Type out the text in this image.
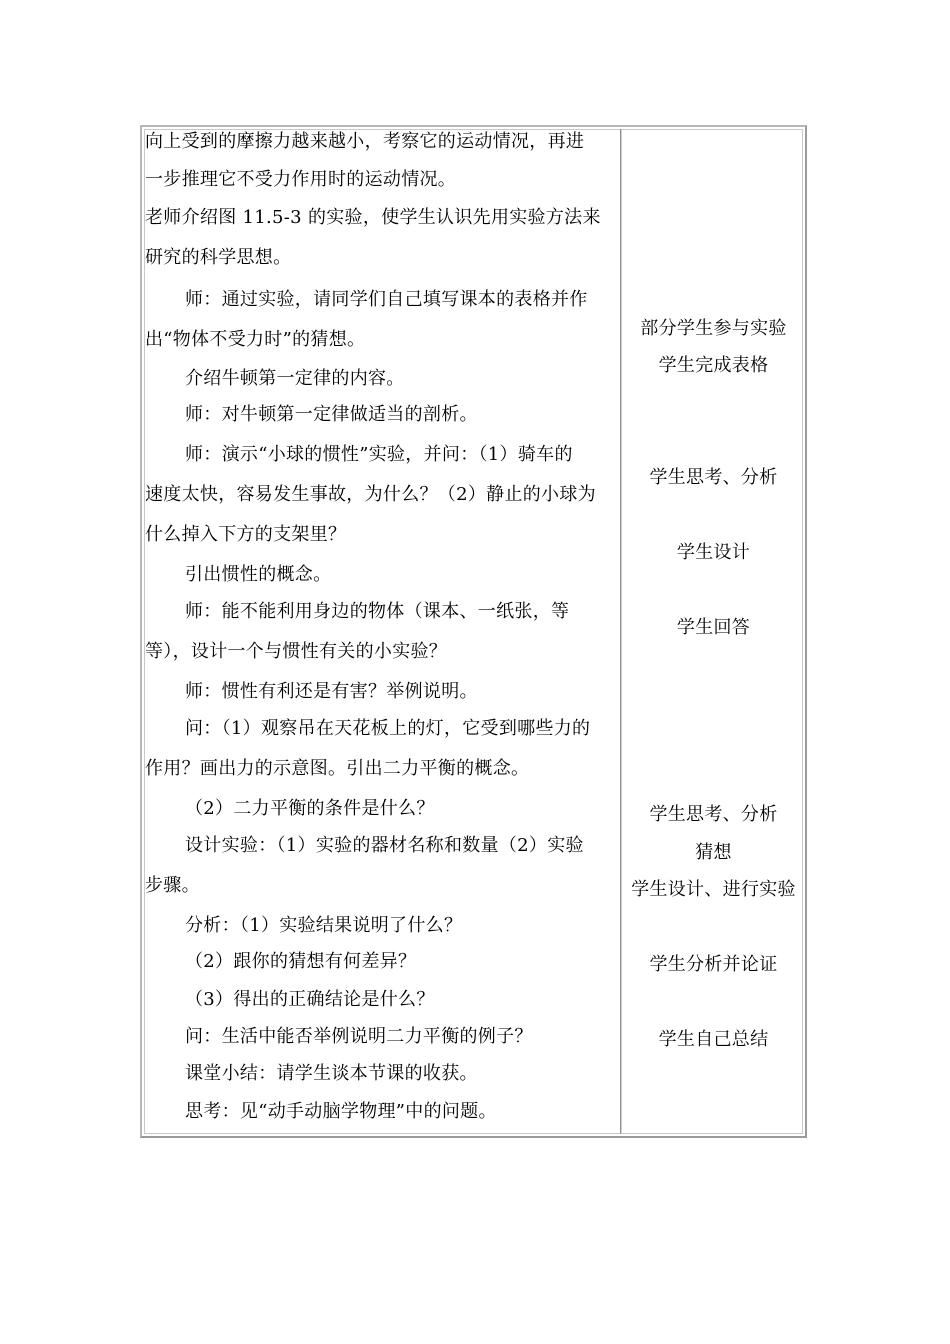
向上受到的摩擦力越来越小，考察它的运动情况，再进
一步推理它不受力作用时的运动情况。
老师介绍图 11.5-3 的实验，使学生认识先用实验方法来
研究的科学思想。
师：通过实验，请同学们自己填写课本的表格并作
出“物体不受力时”的猜想。
介绍牛顿第一定律的内容。
师：对牛顿第一定律做适当的剖析。
师：演示“小球的惯性”实验，并问：（1）骑车的
速度太快，容易发生事故，为什么？（2）静止的小球为
什么掉入下方的支架里？
引出惯性的概念。
师：能不能利用身边的物体（课本、一纸张，等
等），设计一个与惯性有关的小实验？
师：惯性有利还是有害？举例说明。
问：（1）观察吊在天花板上的灯，它受到哪些力的
作用？画出力的示意图。引出二力平衡的概念。
（2）二力平衡的条件是什么？
设计实验：（1）实验的器材名称和数量（2）实验
步骤。
分析：（1）实验结果说明了什么？
（2）跟你的猜想有何差异？
（3）得出的正确结论是什么？
问：生活中能否举例说明二力平衡的例子？
课堂小结：请学生谈本节课的收获。
思考：见“动手动脑学物理”中的问题。
部分学生参与实验
学生完成表格
学生思考、分析
学生设计
学生回答
学生思考、分析
猜想
学生设计、进行实验
学生分析并论证
学生自己总结
